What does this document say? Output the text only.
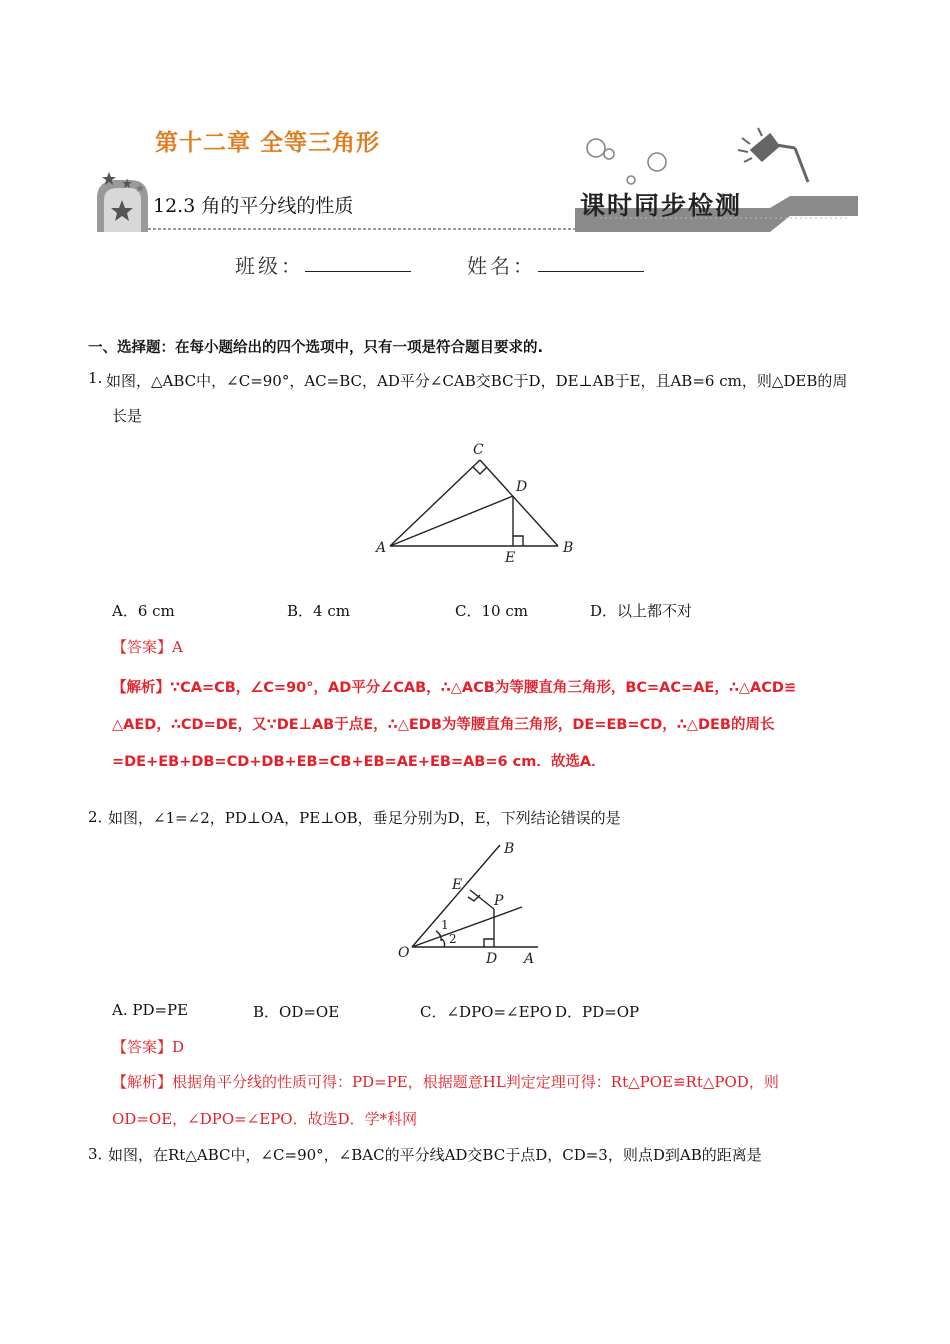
第十二章 全等三角形
12.3 角的平分线的性质	课时同步检测
班级：	姓名：
一、选择题：在每小题给出的四个选项中，只有一项是符合题目要求的.
1. 如图，△ABC中，∠C=90°，AC=BC，AD平分∠CAB交BC于D，DE⊥AB于E，且AB=6 cm，则△DEB的周
长是
C
D
A	B
E
A．6 cm	B．4 cm	C．10 cm	D．以上都不对
【答案】A
【解析】∵CA=CB，∠C=90°，AD平分∠CAB，∴△ACB为等腰直角三角形，BC=AC=AE，∴△ACD≌
△AED，∴CD=DE，又∵DE⊥AB于点E，∴△EDB为等腰直角三角形，DE=EB=CD，∴△DEB的周长
=DE+EB+DB=CD+DB+EB=CB+EB=AE+EB=AB=6 cm．故选A．
2．
如图，∠1=∠2，PD⊥OA，PE⊥OB，垂足分别为D，E，下列结论错误的是
B
E
P
O	D A
1
2
A. PD=PE	B．OD=OE	C．∠DPO=∠EPO D．PD=OP
【答案】D
【解析】根据角平分线的性质可得：PD=PE，根据题意HL判定定理可得：Rt△POE≌Rt△POD，则
OD=OE，∠DPO=∠EPO．故选D．学*科网
3．
如图，在Rt△ABC中，∠C=90°，∠BAC的平分线AD交BC于点D，CD=3，则点D到AB的距离是
